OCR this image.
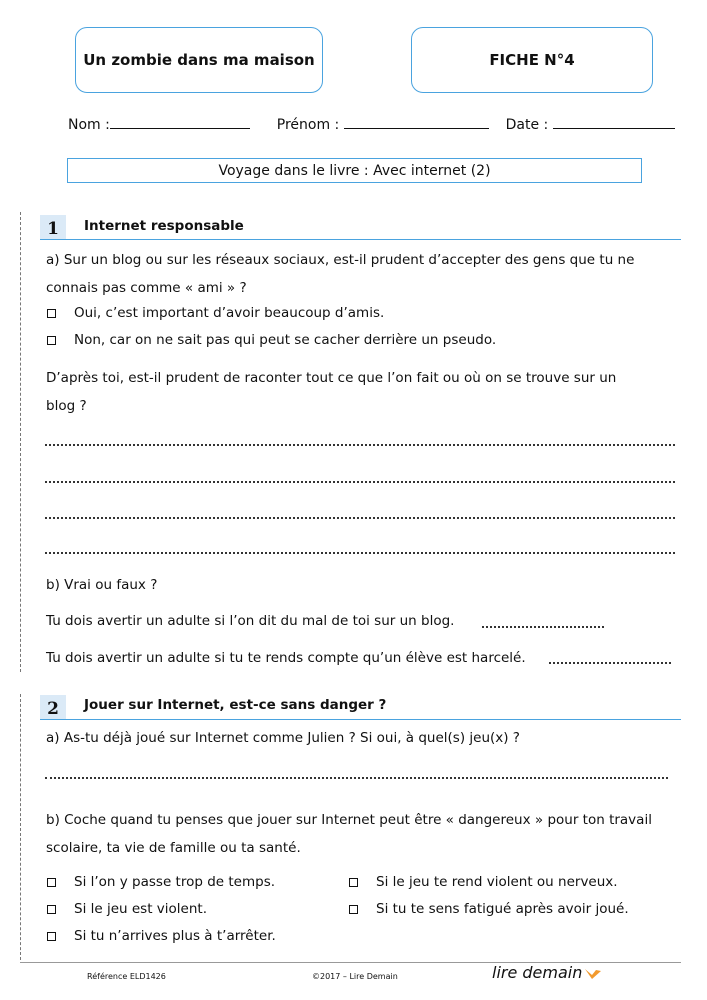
Un zombie dans ma maison	FICHE N°4
Nom :	Prénom :	Date :
Voyage dans le livre : Avec internet (2)
1 Internet responsable
a) Sur un blog ou sur les réseaux sociaux, est-il prudent d’accepter des gens que tu ne
connais pas comme « ami » ?
Oui, c’est important d’avoir beaucoup d’amis.
Non, car on ne sait pas qui peut se cacher derrière un pseudo.
D’après toi, est-il prudent de raconter tout ce que l’on fait ou où on se trouve sur un
blog ?
b) Vrai ou faux ?
Tu dois avertir un adulte si l’on dit du mal de toi sur un blog.
Tu dois avertir un adulte si tu te rends compte qu’un élève est harcelé.
2 Jouer sur Internet, est-ce sans danger ?
a) As-tu déjà joué sur Internet comme Julien ? Si oui, à quel(s) jeu(x) ?
b) Coche quand tu penses que jouer sur Internet peut être « dangereux » pour ton travail
scolaire, ta vie de famille ou ta santé.
Si l’on y passe trop de temps.
Si le jeu est violent.
Si tu n’arrives plus à t’arrêter.
Si le jeu te rend violent ou nerveux.
Si tu te sens fatigué après avoir joué.
Référence ELD1426	©2017 – Lire Demain	lire demain
